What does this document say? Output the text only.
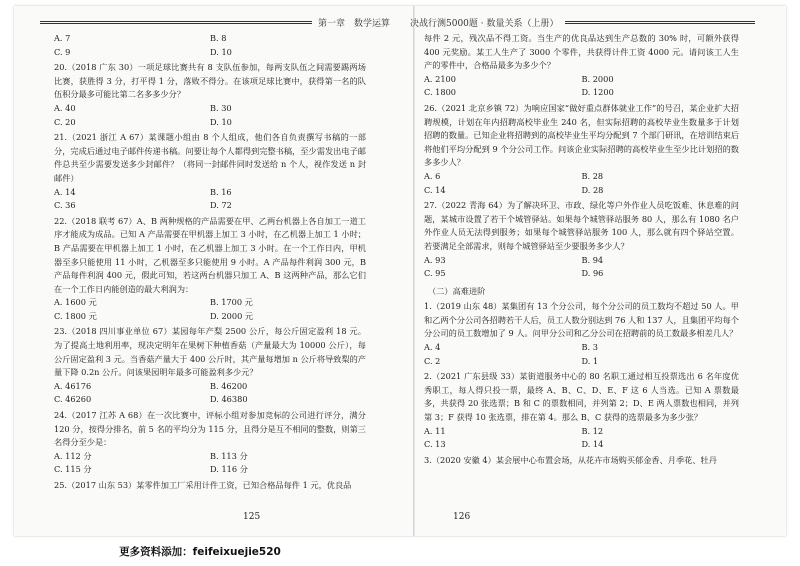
第一章　数学运算 决战行测5000题 · 数量关系（上册）
A. 7	B. 8
C. 9	D. 10

20.（2018 广东 30）一项足球比赛共有 8 支队伍参加，每两支队伍之间需要踢两场比赛，获胜得 3 分，打平得 1 分，落败不得分。在该项足球比赛中，获得第一名的队伍积分最多可能比第二名多多少分？

A. 40	B. 30
C. 20	D. 10

21.（2021 浙江 A 67）某课题小组由 8 个人组成，他们各自负责撰写书稿的一部分，完成后通过电子邮件传递书稿。问要让每个人都得到完整书稿，至少需发出电子邮件总共至少需要发送多少封邮件？（将同一封邮件同时发送给 n 个人，视作发送 n 封邮件）

A. 14	B. 16
C. 36	D. 72

22.（2018 联考 67）A、B 两种规格的产品需要在甲、乙两台机器上各自加工一道工序才能成为成品。已知 A 产品需要在甲机器上加工 3 小时，在乙机器上加工 1 小时；B 产品需要在甲机器上加工 1 小时，在乙机器上加工 3 小时。在一个工作日内，甲机器至多只能使用 11 小时，乙机器至多只能使用 9 小时。A 产品每件利润 300 元，B 产品每件利润 400 元，假此可知，若这两台机器只加工 A、B 这两种产品，那么它们在一个工作日内能创造的最大利润为：

A. 1600 元	B. 1700 元
C. 1800 元	D. 2000 元

23.（2018 四川事业单位 67）某园每年产梨 2500 公斤，每公斤固定盈利 18 元。为了提高土地利用率，现决定明年在果树下种植香菇（产量最大为 10000 公斤），每公斤固定盈利 3 元。当香菇产量大于 400 公斤时，其产量每增加 n 公斤将导致梨的产量下降 0.2n 公斤。问该果园明年最多可能盈利多少元？

A. 46176	B. 46200
C. 46260	D. 46380

24.（2017 江苏 A 68）在一次比赛中，评标小组对参加竞标的公司进行评分，满分 120 分，按得分排名，前 5 名的平均分为 115 分，且得分是互不相同的整数，则第三名得分至少是：

A. 112 分	B. 113 分
C. 115 分	D. 116 分

25.（2017 山东 53）某零件加工厂采用计件工资，已知合格品每件 1 元，优良品

125

每件 2 元，残次品不得工资。当生产的优良品达到生产总数的 30% 时，可额外获得 400 元奖励。某工人生产了 3000 个零件，共获得计件工资 4000 元。请问该工人生产的零件中，合格品最多为多少个？

A. 2100	B. 2000
C. 1800	D. 1200

26.（2021 北京乡镇 72）为响应国家“做好重点群体就业工作”的号召，某企业扩大招聘规模，计划在年内招聘高校毕业生 240 名，但实际招聘的高校毕业生数量多于计划招聘的数量。已知企业将招聘到的高校毕业生平均分配到 7 个部门研讯，在培训结束后将他们平均分配到 9 个分公司工作。问该企业实际招聘的高校毕业生至少比计划招的数多多少人？

A. 6	B. 28
C. 14	D. 28

27.（2022 青海 64）为了解决环卫、市政、绿化等户外作业人员吃饭难、休息难的问题，某城市设置了若干个城管驿站。如果每个城管驿站服务 80 人，那么有 1080 名户外作业人员无法得到服务；如果每个城管驿站服务 100 人，那么就有四个驿站空置。若要满足全部需求，则每个城管驿站至少要服务多少人？

A. 93	B. 94
C. 95	D. 96

（二）高难进阶

1.（2019 山东 48）某集团有 13 个分公司，每个分公司的员工数均不超过 50 人。甲和乙两个分公司各招聘若干人后，员工人数分别达到 76 人和 137 人，且集团平均每个分公司的员工数增加了 9 人。问甲分公司和乙分公司在招聘前的员工数最多相差几人？

A. 4	B. 3
C. 2	D. 1

2.（2021 广东县级 33）某街道服务中心的 80 名职工通过相互投票选出 6 名年度优秀职工，每人得只投一票，最终 A、B、C、D、E、F 这 6 人当选。已知 A 票数最多，共获得 20 张选票；B 和 C 的票数相同，并列第 2；D、E 两人票数也相同，并列第 3；F 获得 10 张选票，排在第 4。那么 B、C 获得的选票最多为多少张？

A. 11	B. 12
C. 13	D. 14

3.（2020 安徽 4）某会展中心布置会场，从花卉市场购买郁金香、月季花、牡丹

126
更多资料添加：feifeixuejie520
